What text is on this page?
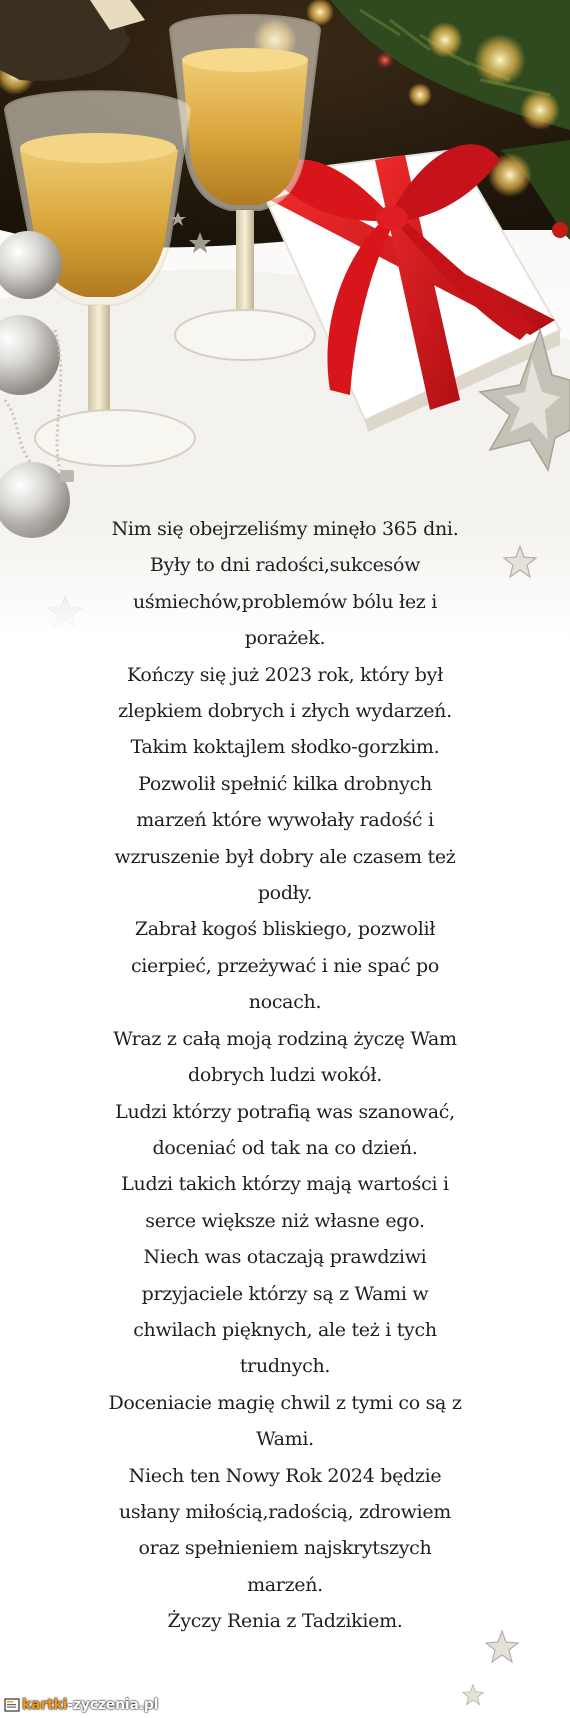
Nim się obejrzeliśmy minęło 365 dni.
Były to dni radości,sukcesów
uśmiechów,problemów bólu łez i
porażek.
Kończy się już 2023 rok, który był
zlepkiem dobrych i złych wydarzeń.
Takim koktajlem słodko-gorzkim.
Pozwolił spełnić kilka drobnych
marzeń które wywołały radość i
wzruszenie był dobry ale czasem też
podły.
Zabrał kogoś bliskiego, pozwolił
cierpieć, przeżywać i nie spać po
nocach.
Wraz z całą moją rodziną życzę Wam
dobrych ludzi wokół.
Ludzi którzy potrafią was szanować,
doceniać od tak na co dzień.
Ludzi takich którzy mają wartości i
serce większe niż własne ego.
Niech was otaczają prawdziwi
przyjaciele którzy są z Wami w
chwilach pięknych, ale też i tych
trudnych.
Doceniacie magię chwil z tymi co są z
Wami.
Niech ten Nowy Rok 2024 będzie
usłany miłością,radością, zdrowiem
oraz spełnieniem najskrytszych
marzeń.
Życzy Renia z Tadzikiem.
kartki -zyczenia.pl
